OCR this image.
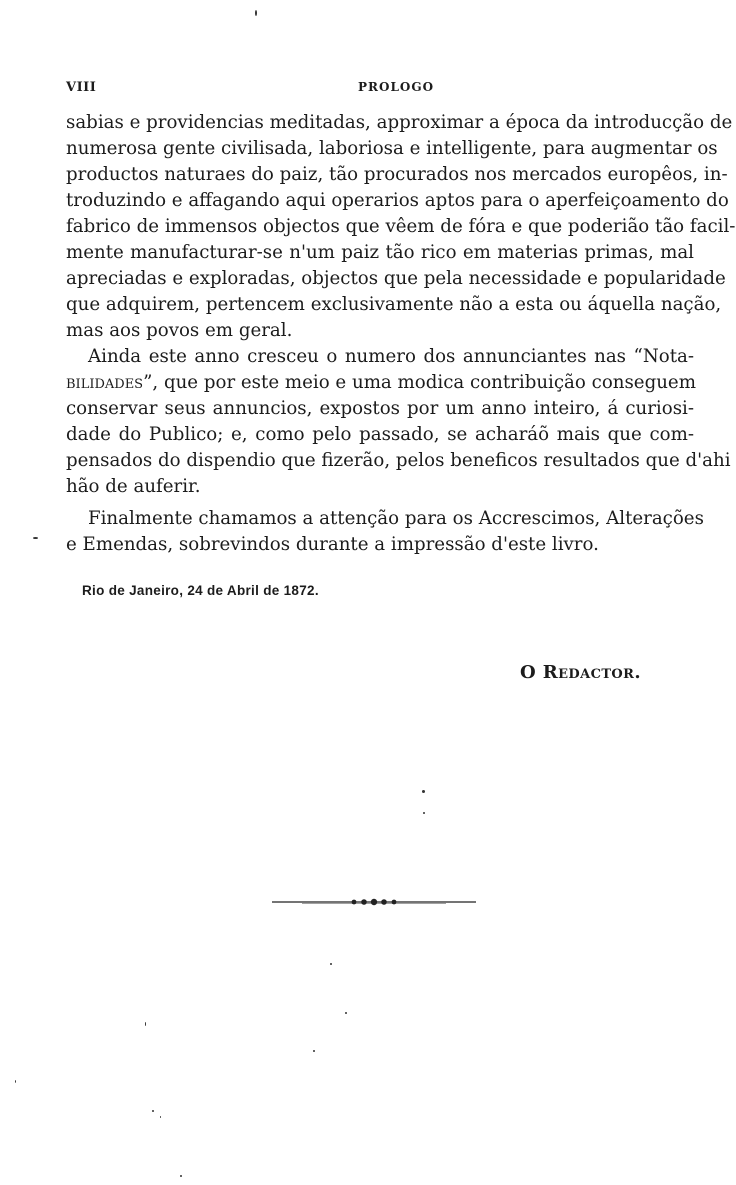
VIII	PROLOGO
sabias e providencias meditadas, approximar a época da introducção de
numerosa gente civilisada, laboriosa e intelligente, para augmentar os
productos naturaes do paiz, tão procurados nos mercados europêos, in-
troduzindo e affagando aqui operarios aptos para o aperfeiçoamento do
fabrico de immensos objectos que vêem de fóra e que poderião tão facil-
mente manufacturar-se n'um paiz tão rico em materias primas, mal
apreciadas e exploradas, objectos que pela necessidade e popularidade
que adquirem, pertencem exclusivamente não a esta ou áquella nação,
mas aos povos em geral.
Ainda este anno cresceu o numero dos annunciantes nas “Nota-
bilidades”, que por este meio e uma modica contribuição conseguem
conservar seus annuncios, expostos por um anno inteiro, á curiosi-
dade do Publico; e, como pelo passado, se acharáõ mais que com-
pensados do dispendio que fizerão, pelos beneficos resultados que d'ahi
hão de auferir.
Finalmente chamamos a attenção para os Accrescimos, Alterações
e Emendas, sobrevindos durante a impressão d'este livro.
Rio de Janeiro, 24 de Abril de 1872.
O Redactor.
